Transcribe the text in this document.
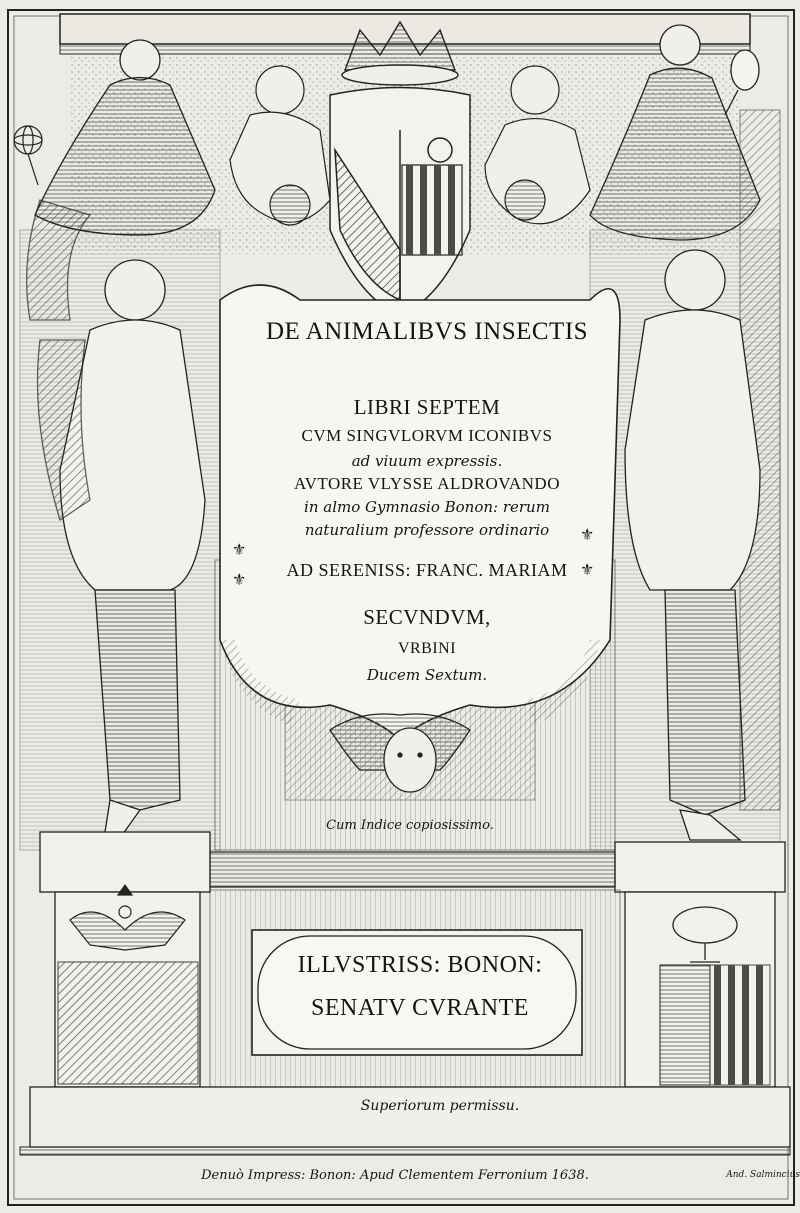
⚜
⚜
⚜
⚜
DE ANIMALIBVS INSECTIS
LIBRI SEPTEM
CVM SINGVLORVM ICONIBVS
ad viuum expressis.
AVTORE VLYSSE ALDROVANDO
in almo Gymnasio Bonon: rerum
naturalium professore ordinario
AD SERENISS: FRANC. MARIAM
SECVNDVM,
VRBINI
Ducem Sextum.
Cum Indice copiosissimo.
ILLVSTRISS: BONON:
SENATV CVRANTE
Superiorum permissu.
Denuò Impress: Bonon: Apud Clementem Ferronium 1638.	And. Salmincius
